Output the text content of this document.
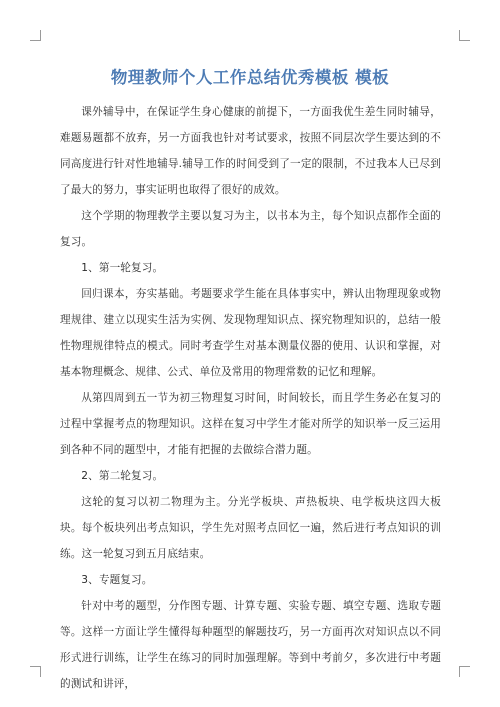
物理教师个人工作总结优秀模板 模板

课外辅导中，在保证学生身心健康的前提下，一方面我优生差生同时辅导，难题易题都不放弃，另一方面我也针对考试要求，按照不同层次学生要达到的不同高度进行针对性地辅导.辅导工作的时间受到了一定的限制，不过我本人已尽到了最大的努力，事实证明也取得了很好的成效。

这个学期的物理教学主要以复习为主，以书本为主，每个知识点都作全面的复习。

1、第一轮复习。

回归课本，夯实基础。考题要求学生能在具体事实中，辨认出物理现象或物理规律、建立以现实生活为实例、发现物理知识点、探究物理知识的，总结一般性物理规律特点的模式。同时考查学生对基本测量仪器的使用、认识和掌握，对基本物理概念、规律、公式、单位及常用的物理常数的记忆和理解。

从第四周到五一节为初三物理复习时间，时间较长，而且学生务必在复习的过程中掌握考点的物理知识。这样在复习中学生才能对所学的知识举一反三运用到各种不同的题型中，才能有把握的去做综合潜力题。

2、第二轮复习。

这轮的复习以初二物理为主。分光学板块、声热板块、电学板块这四大板块。每个板块列出考点知识，学生先对照考点回忆一遍，然后进行考点知识的训练。这一轮复习到五月底结束。

3、专题复习。

针对中考的题型，分作图专题、计算专题、实验专题、填空专题、选取专题等。这样一方面让学生懂得每种题型的解题技巧，另一方面再次对知识点以不同形式进行训练，让学生在练习的同时加强理解。等到中考前夕，多次进行中考题的测试和讲评，
